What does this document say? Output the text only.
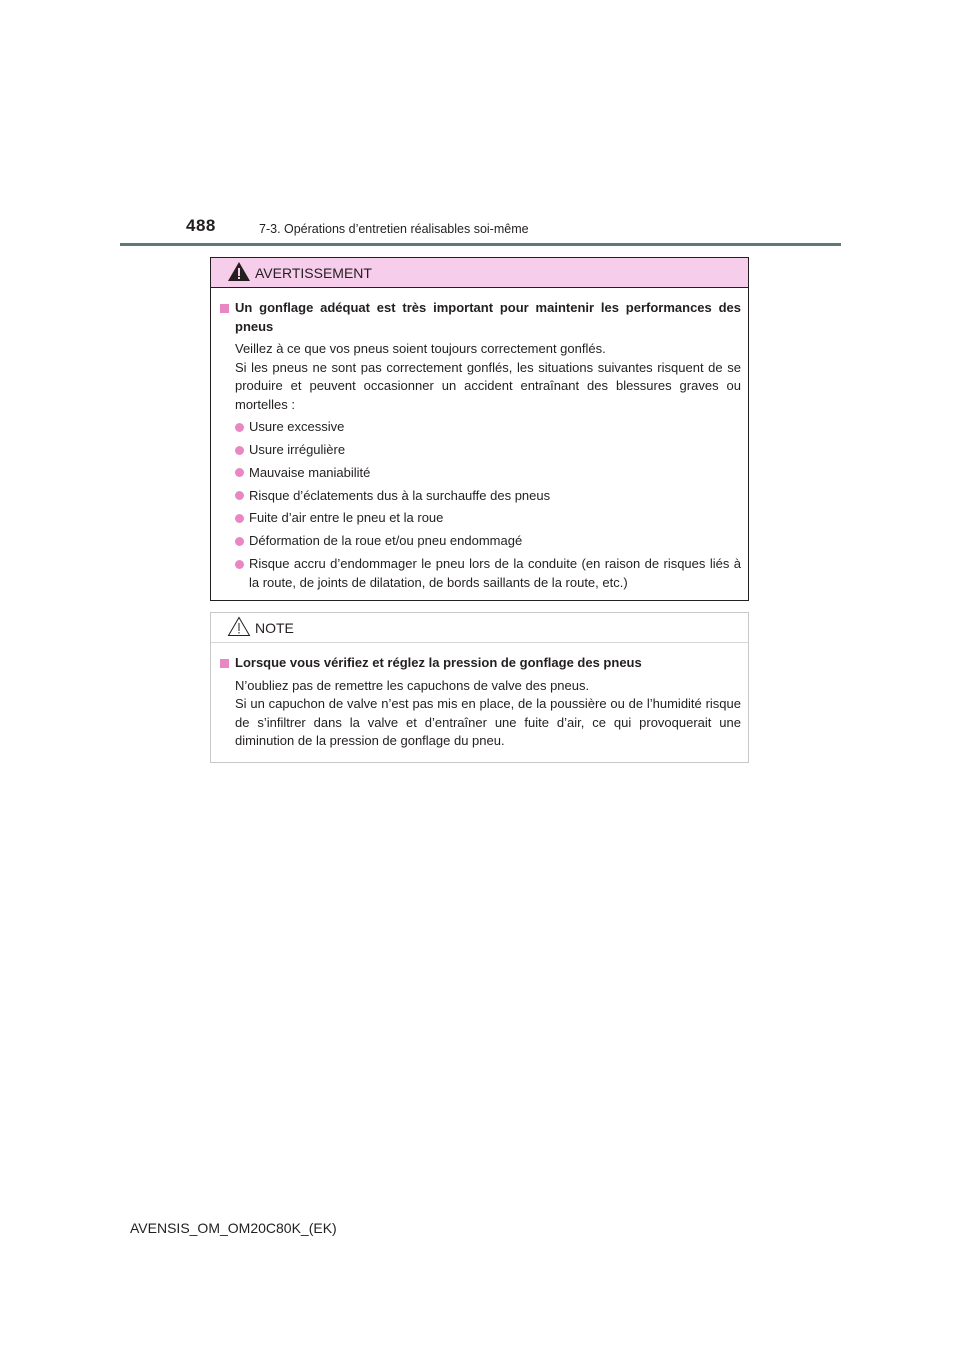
488	7-3. Opérations d’entretien réalisables soi-même
AVERTISSEMENT
Un gonflage adéquat est très important pour maintenir les performances des pneus

Veillez à ce que vos pneus soient toujours correctement gonflés.

Si les pneus ne sont pas correctement gonflés, les situations suivantes risquent de se produire et peuvent occasionner un accident entraînant des blessures graves ou mortelles :

Usure excessive
Usure irrégulière
Mauvaise maniabilité
Risque d’éclatements dus à la surchauffe des pneus
Fuite d’air entre le pneu et la roue
Déformation de la roue et/ou pneu endommagé
Risque accru d’endommager le pneu lors de la conduite (en raison de risques liés à la route, de joints de dilatation, de bords saillants de la route, etc.)
NOTE
Lorsque vous vérifiez et réglez la pression de gonflage des pneus

N’oubliez pas de remettre les capuchons de valve des pneus.

Si un capuchon de valve n’est pas mis en place, de la poussière ou de l’humidité risque de s’infiltrer dans la valve et d’entraîner une fuite d’air, ce qui provoquerait une diminution de la pression de gonflage du pneu.

AVENSIS_OM_OM20C80K_(EK)
